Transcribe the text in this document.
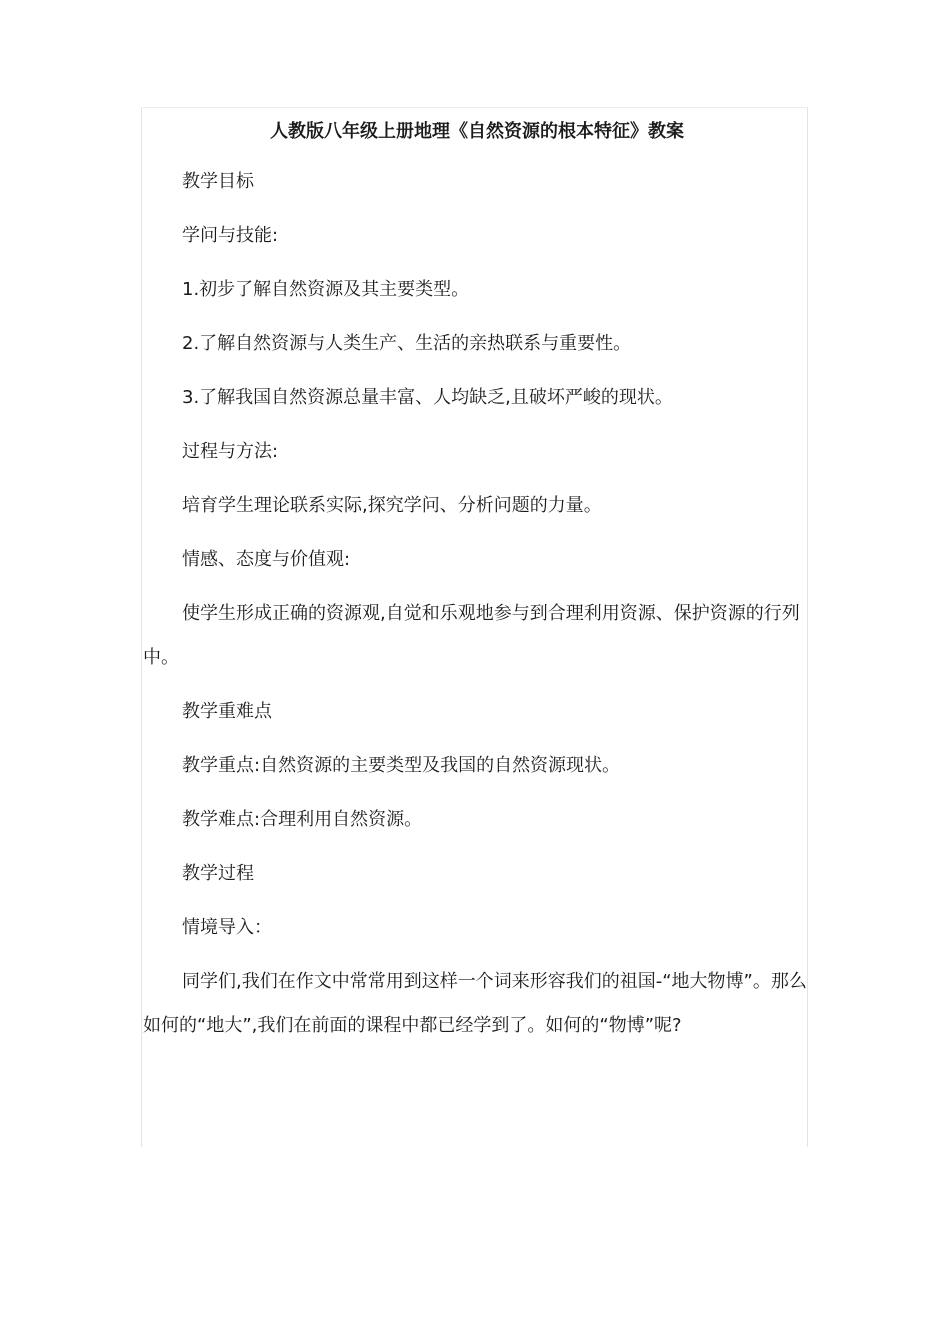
人教版八年级上册地理《自然资源的根本特征》教案

教学目标

学问与技能:

1.初步了解自然资源及其主要类型。

2.了解自然资源与人类生产、生活的亲热联系与重要性。

3.了解我国自然资源总量丰富、人均缺乏,且破坏严峻的现状。

过程与方法:

培育学生理论联系实际,探究学问、分析问题的力量。

情感、态度与价值观:

使学生形成正确的资源观,自觉和乐观地参与到合理利用资源、保护资源的行列中。

教学重难点

教学重点:自然资源的主要类型及我国的自然资源现状。

教学难点:合理利用自然资源。

教学过程

情境导入：

同学们,我们在作文中常常用到这样一个词来形容我们的祖国-“地大物博”。那么如何的“地大”,我们在前面的课程中都已经学到了。如何的“物博”呢?
